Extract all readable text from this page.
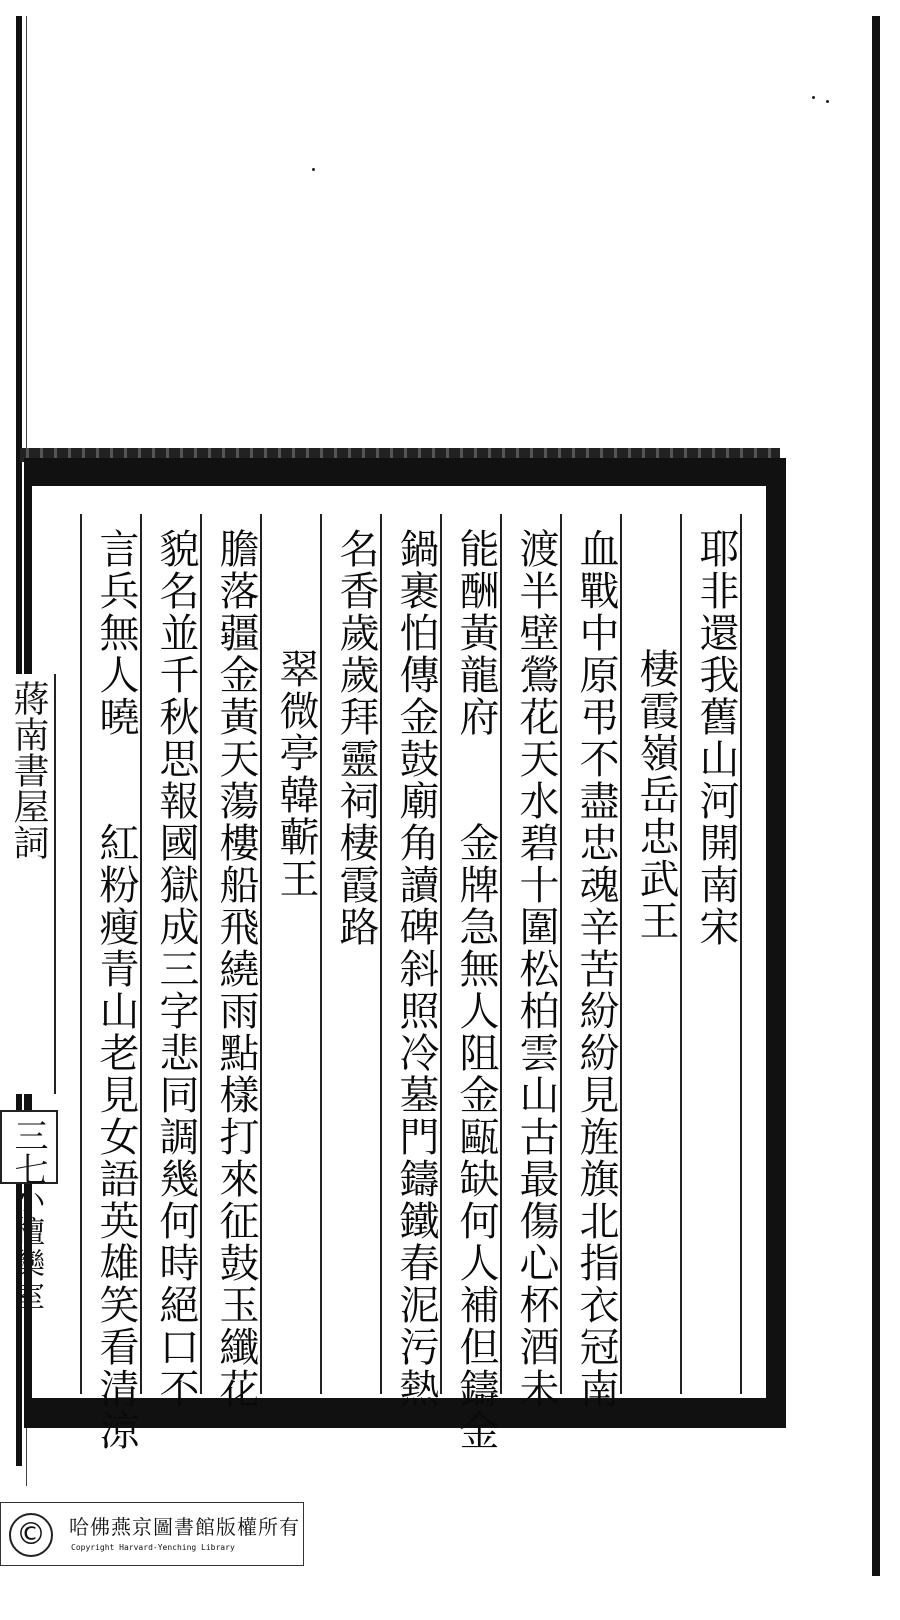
耶非還我舊山河開南宋
棲霞嶺岳忠武王
血戰中原弔不盡忠魂辛苦紛紛見旌旗北指衣冠南
渡半壁鶯花天水碧十圍松柏雲山古最傷心杯酒未
能酬黃龍府　　金牌急無人阻金甌缺何人補但鑄金
鍋裹怕傳金鼓廟角讀碑斜照冷墓門鑄鐵春泥污熱
名香歲歲拜靈祠棲霞路
翠微亭韓蘄王
膽落疆金黃天蕩樓船飛繞雨點樣打來征鼓玉纖花
貌名並千秋思報國獄成三字悲同調幾何時絕口不
言兵無人曉　　紅粉瘦青山老見女語英雄笑看清涼
蔣南書屋詞
三七
小檀欒室
©	哈佛燕京圖書館版權所有
Copyright Harvard-Yenching Library
